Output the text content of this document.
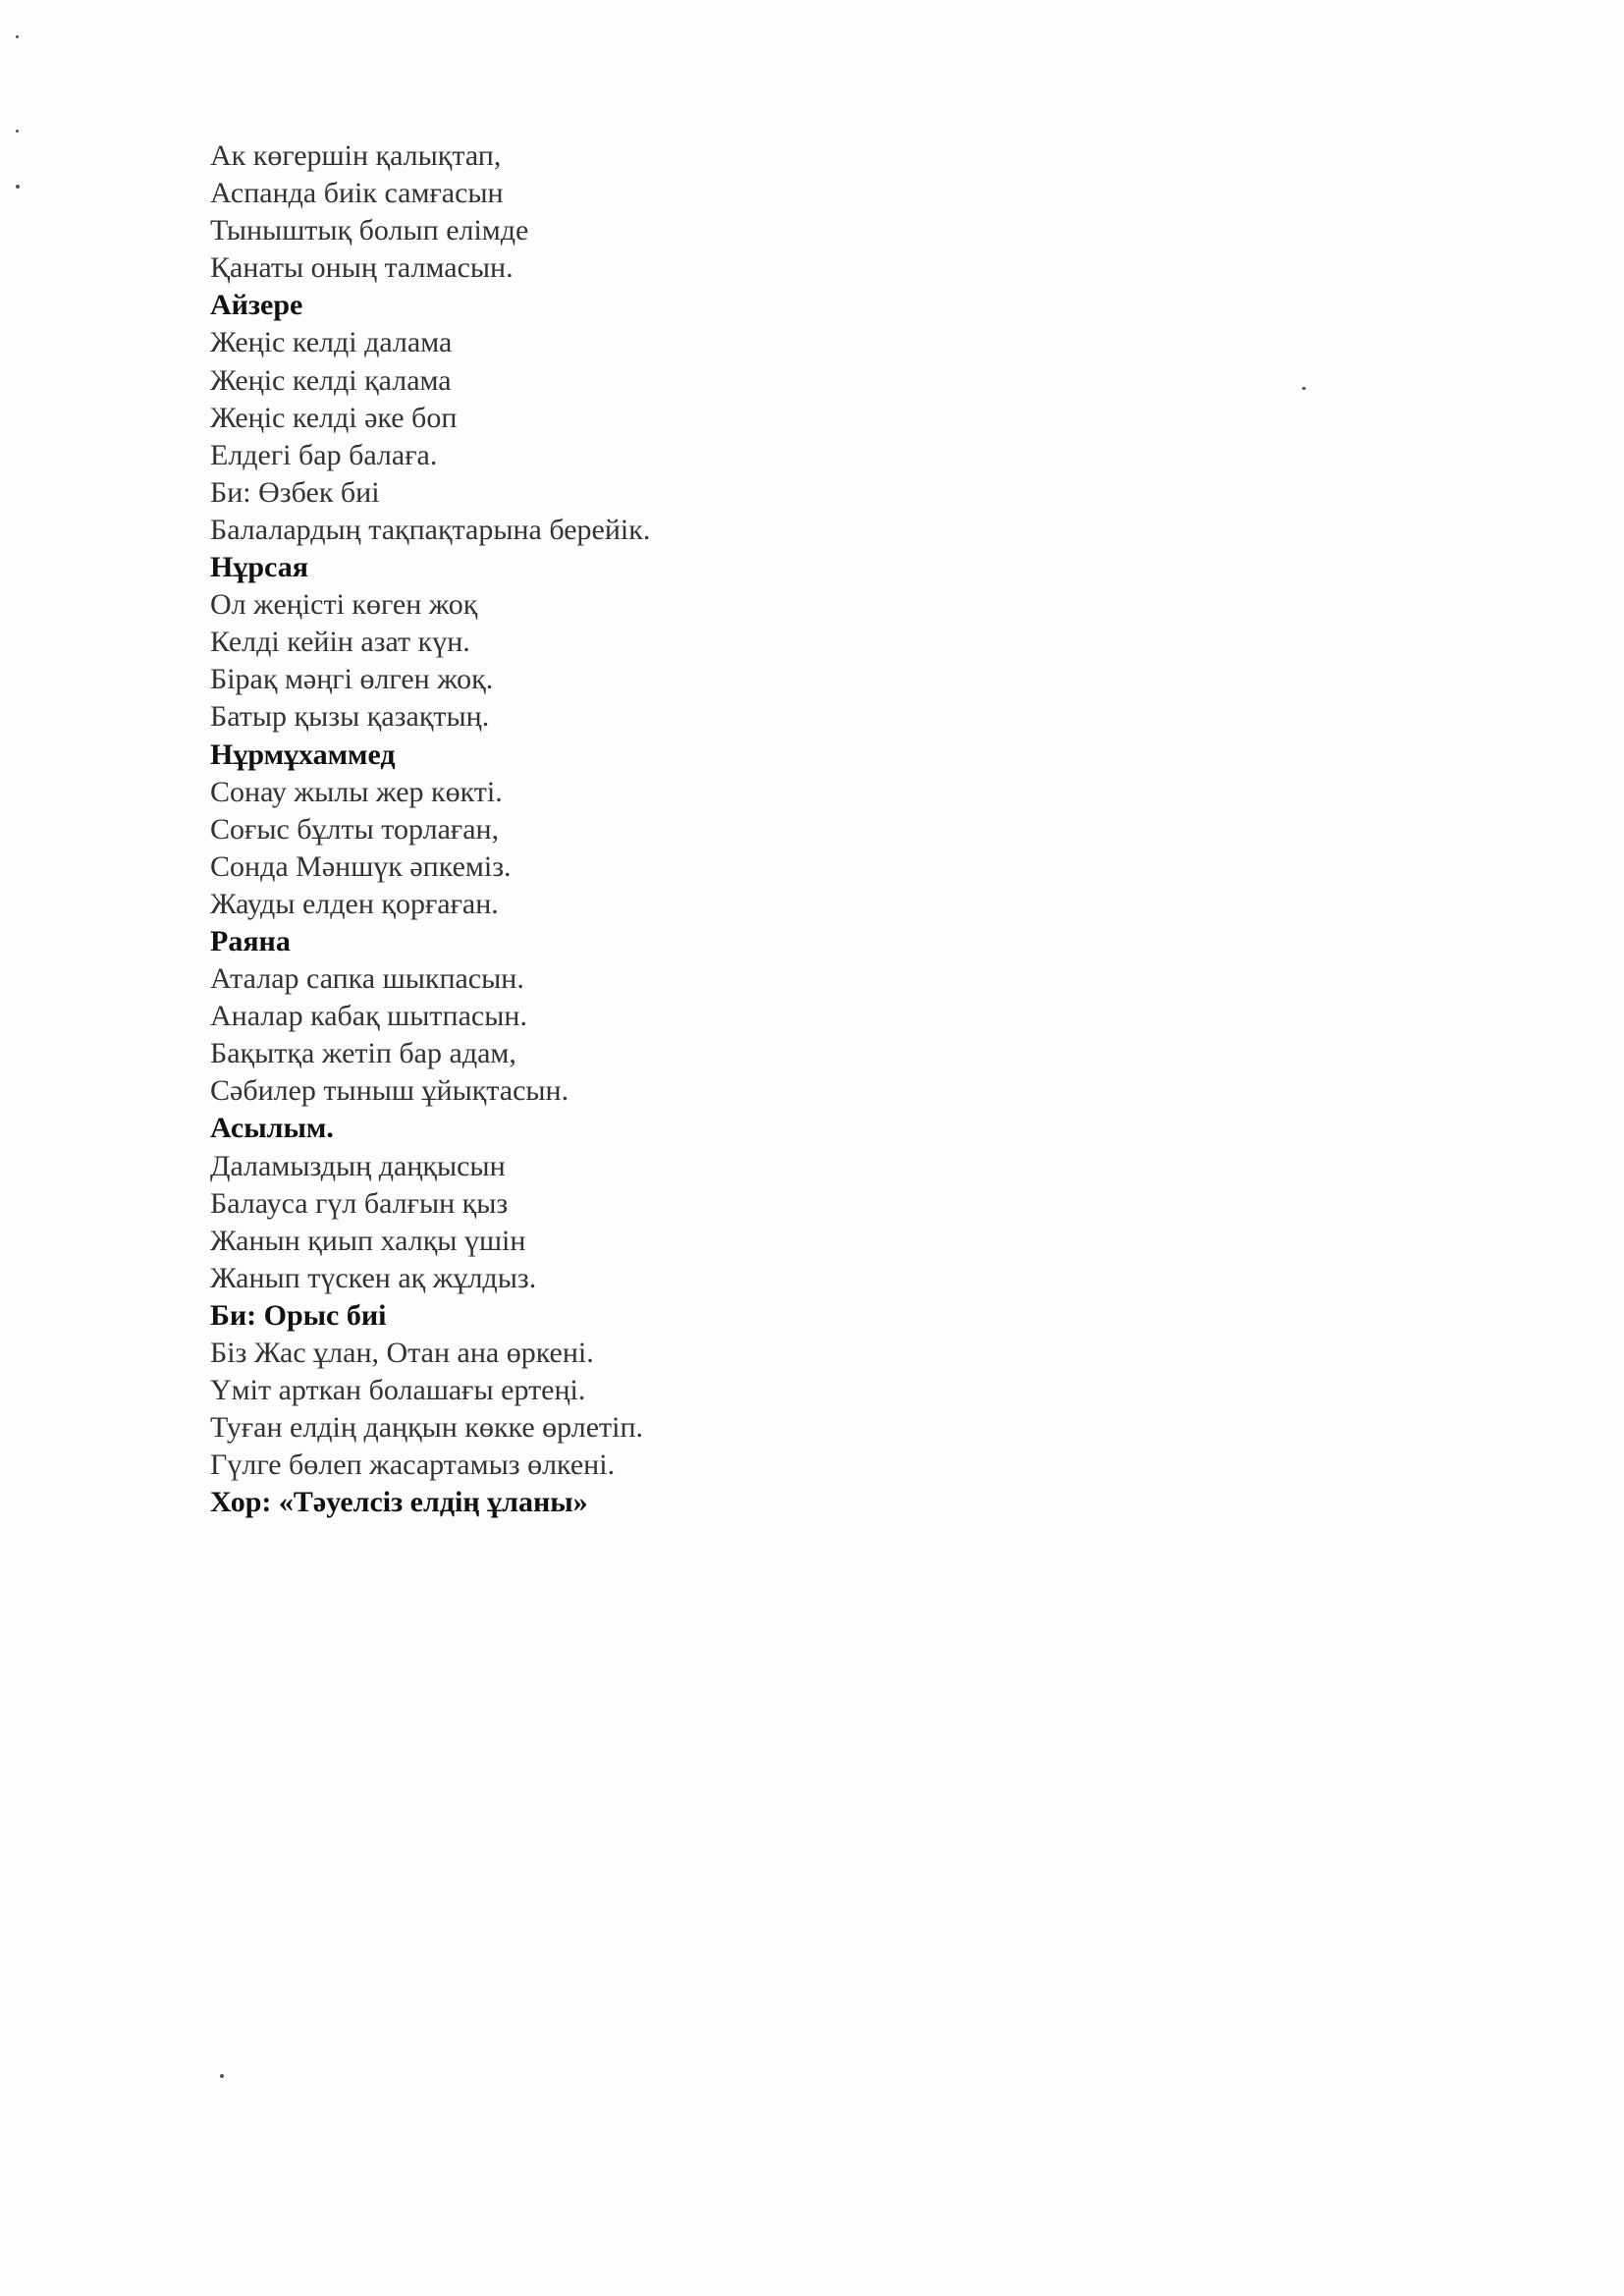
Ак көгершін қалықтап,
Аспанда биік самғасын
Тыныштық болып елімде
Қанаты оның талмасын.
Айзере
Жеңіс келді далама
Жеңіс келді қалама
Жеңіс келді әке боп
Елдегі бар балаға.
Би: Өзбек биі
Балалардың тақпақтарына берейік.
Нұрсая
Ол жеңісті көген жоқ
Келді кейін азат күн.
Бірақ мәңгі өлген жоқ.
Батыр қызы қазақтың.
Нұрмұхаммед
Сонау жылы жер көкті.
Соғыс бұлты торлаған,
Сонда Мәншүк әпкеміз.
Жауды елден қорғаған.
Раяна
Аталар сапка шыкпасын.
Аналар кабақ шытпасын.
Бақытқа жетіп бар адам,
Сәбилер тыныш ұйықтасын.
Асылым.
Даламыздың даңқысын
Балауса гүл балғын қыз
Жанын қиып халқы үшін
Жанып түскен ақ жұлдыз.
Би: Орыс биі
Біз Жас ұлан, Отан ана өркені.
Үміт арткан болашағы ертеңі.
Туған елдің даңқын көкке өрлетіп.
Гүлге бөлеп жасартамыз өлкені.
Хор: «Тәуелсіз елдің ұланы»
